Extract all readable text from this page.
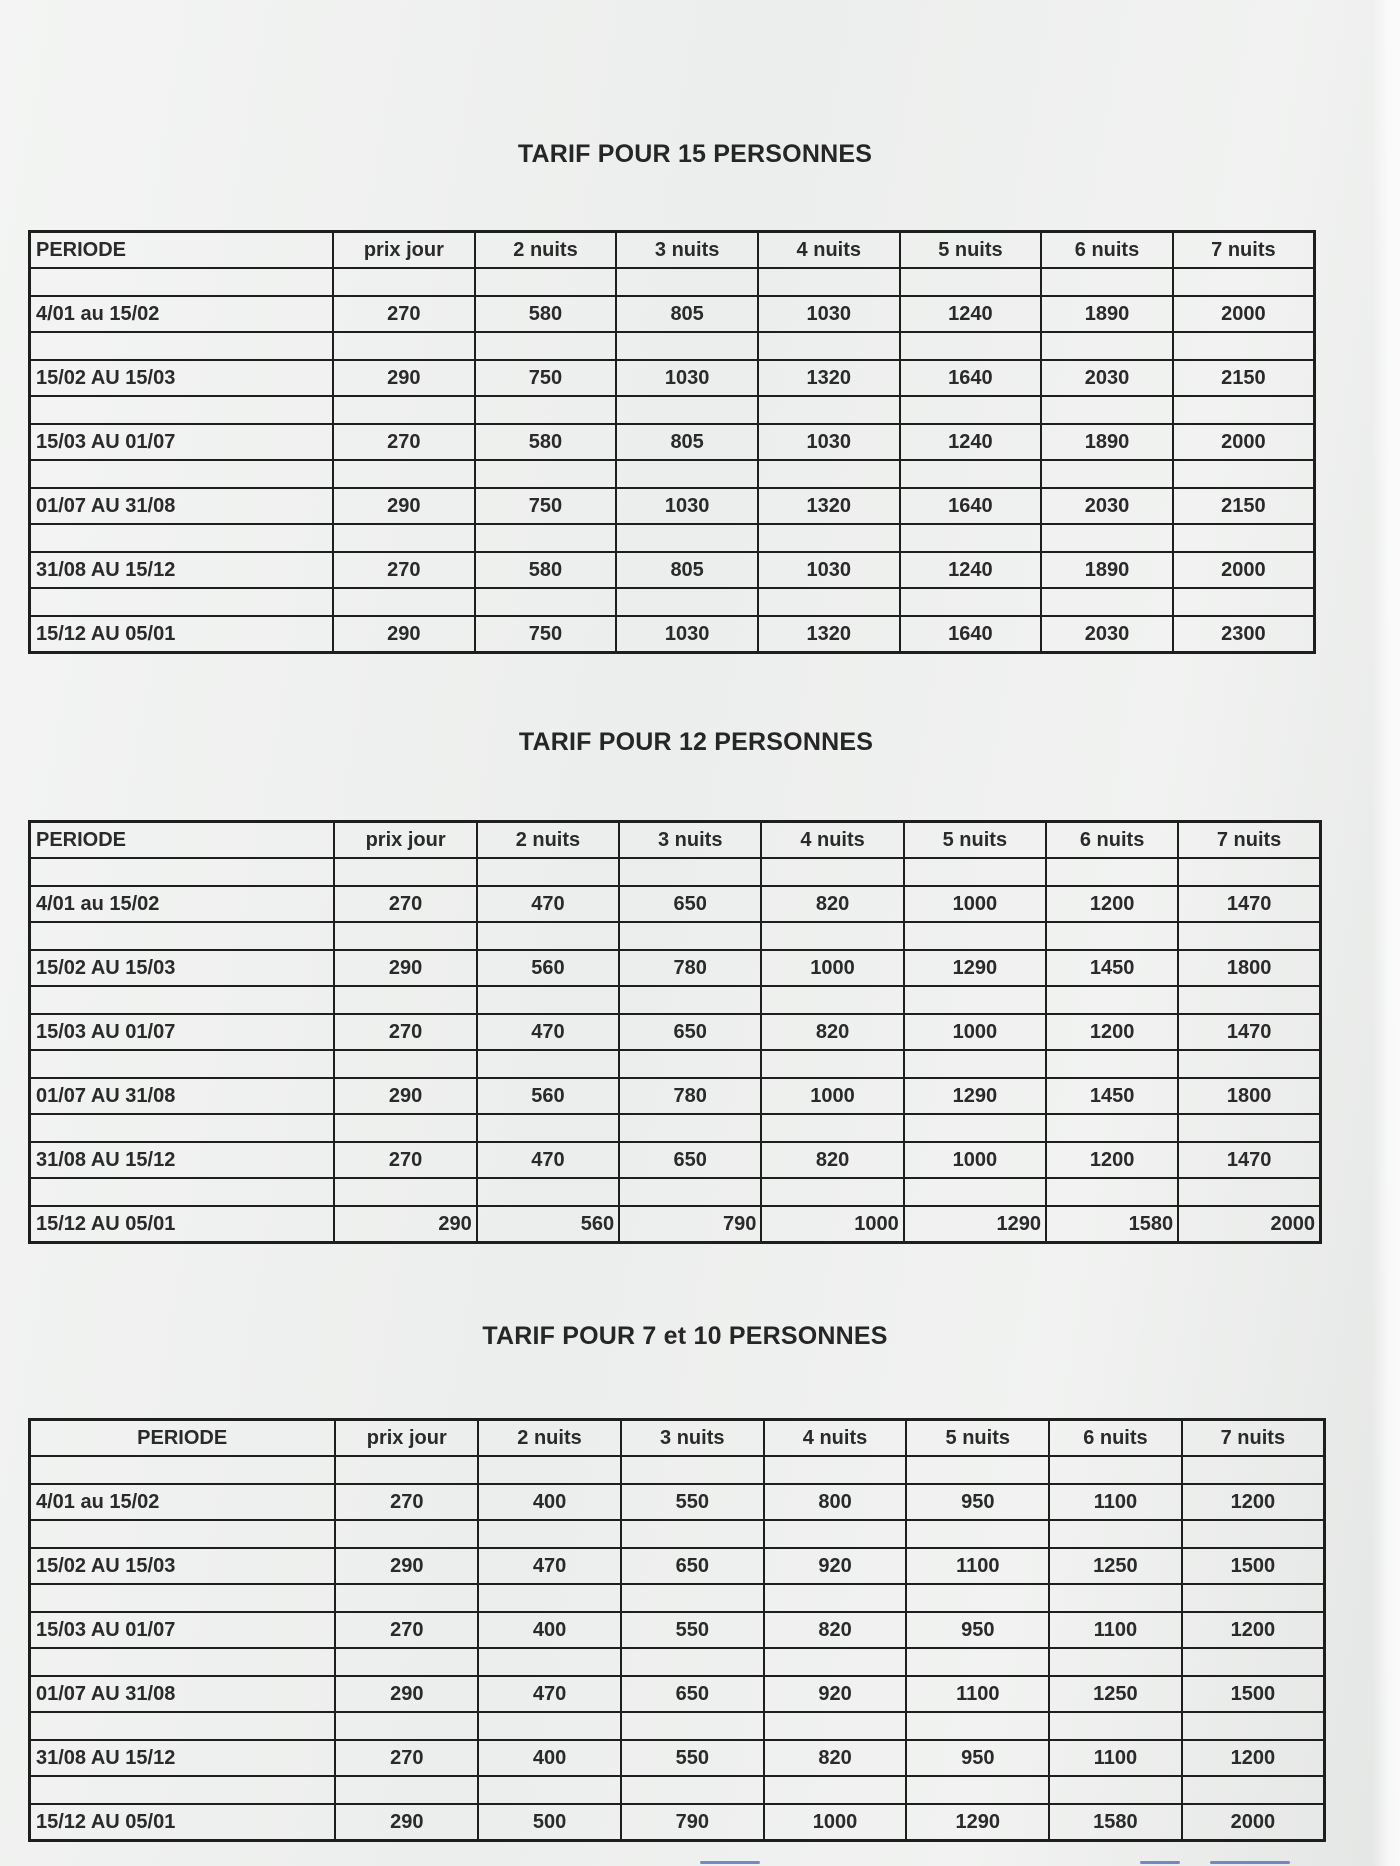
TARIF POUR 15 PERSONNES
PERIODE	prix jour	2 nuits	3 nuits	4 nuits	5 nuits	6 nuits	7 nuits

4/01 au 15/02	270	580	805	1030	1240	1890	2000

15/02 AU 15/03	290	750	1030	1320	1640	2030	2150

15/03 AU 01/07	270	580	805	1030	1240	1890	2000

01/07 AU 31/08	290	750	1030	1320	1640	2030	2150

31/08 AU 15/12	270	580	805	1030	1240	1890	2000

15/12 AU 05/01	290	750	1030	1320	1640	2030	2300
TARIF POUR 12 PERSONNES
PERIODE	prix jour	2 nuits	3 nuits	4 nuits	5 nuits	6 nuits	7 nuits

4/01 au 15/02	270	470	650	820	1000	1200	1470

15/02 AU 15/03	290	560	780	1000	1290	1450	1800

15/03 AU 01/07	270	470	650	820	1000	1200	1470

01/07 AU 31/08	290	560	780	1000	1290	1450	1800

31/08 AU 15/12	270	470	650	820	1000	1200	1470

15/12 AU 05/01	290	560	790	1000	1290	1580	2000
TARIF POUR 7 et 10 PERSONNES
PERIODE	prix jour	2 nuits	3 nuits	4 nuits	5 nuits	6 nuits	7 nuits

4/01 au 15/02	270	400	550	800	950	1100	1200

15/02 AU 15/03	290	470	650	920	1100	1250	1500

15/03 AU 01/07	270	400	550	820	950	1100	1200

01/07 AU 31/08	290	470	650	920	1100	1250	1500

31/08 AU 15/12	270	400	550	820	950	1100	1200

15/12 AU 05/01	290	500	790	1000	1290	1580	2000
